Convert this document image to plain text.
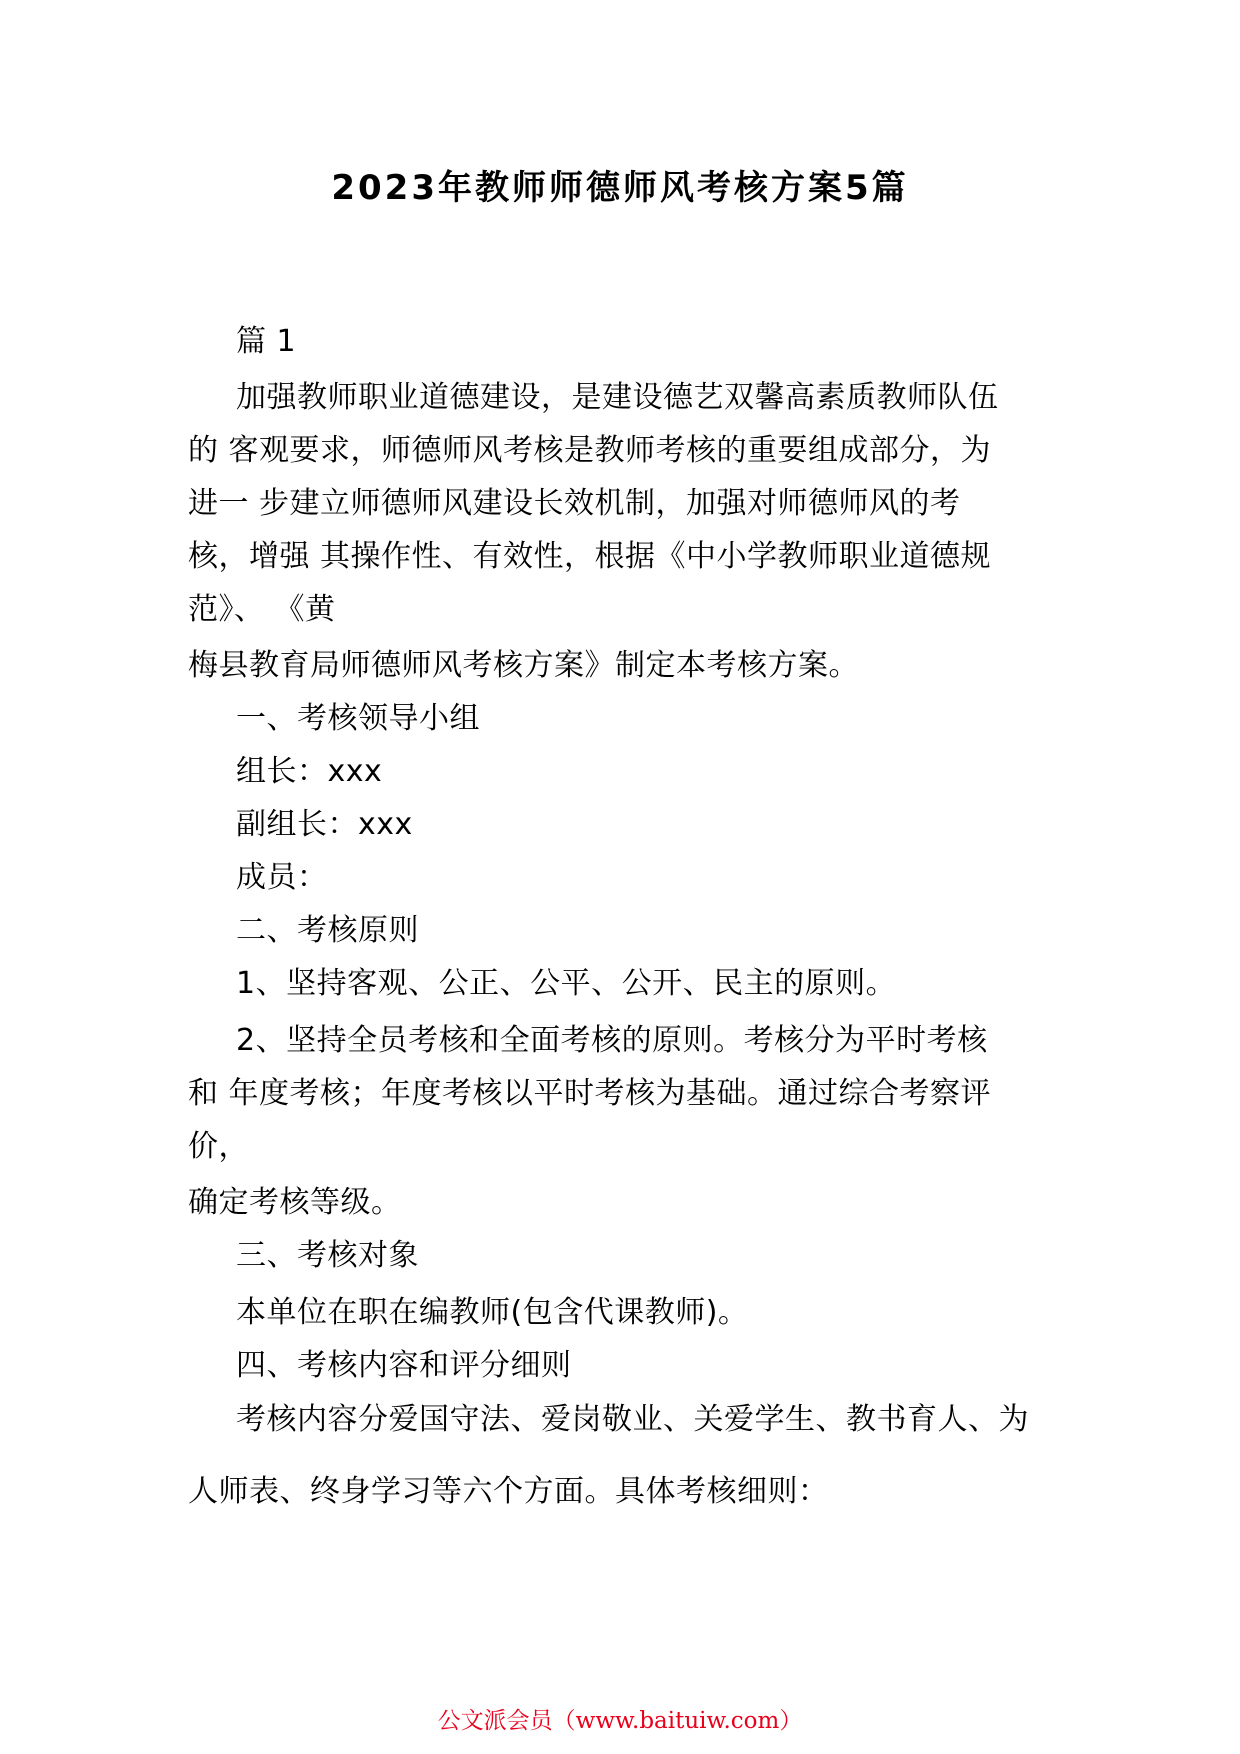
2023年教师师德师风考核方案5篇
篇 1
加强教师职业道德建设，是建设德艺双馨高素质教师队伍
的 客观要求，师德师风考核是教师考核的重要组成部分，为
进一 步建立师德师风建设长效机制，加强对师德师风的考
核，增强 其操作性、有效性，根据《中小学教师职业道德规
范》、 《黄
梅县教育局师德师风考核方案》制定本考核方案。
一、考核领导小组
组长：xxx
副组长：xxx
成员：
二、考核原则
1、坚持客观、公正、公平、公开、民主的原则。
2、坚持全员考核和全面考核的原则。考核分为平时考核
和 年度考核；年度考核以平时考核为基础。通过综合考察评
价，
确定考核等级。
三、考核对象
本单位在职在编教师(包含代课教师)。
四、考核内容和评分细则
考核内容分爱国守法、爱岗敬业、关爱学生、教书育人、为
人师表、终身学习等六个方面。具体考核细则：
公文派会员（www.baituiw.com）
